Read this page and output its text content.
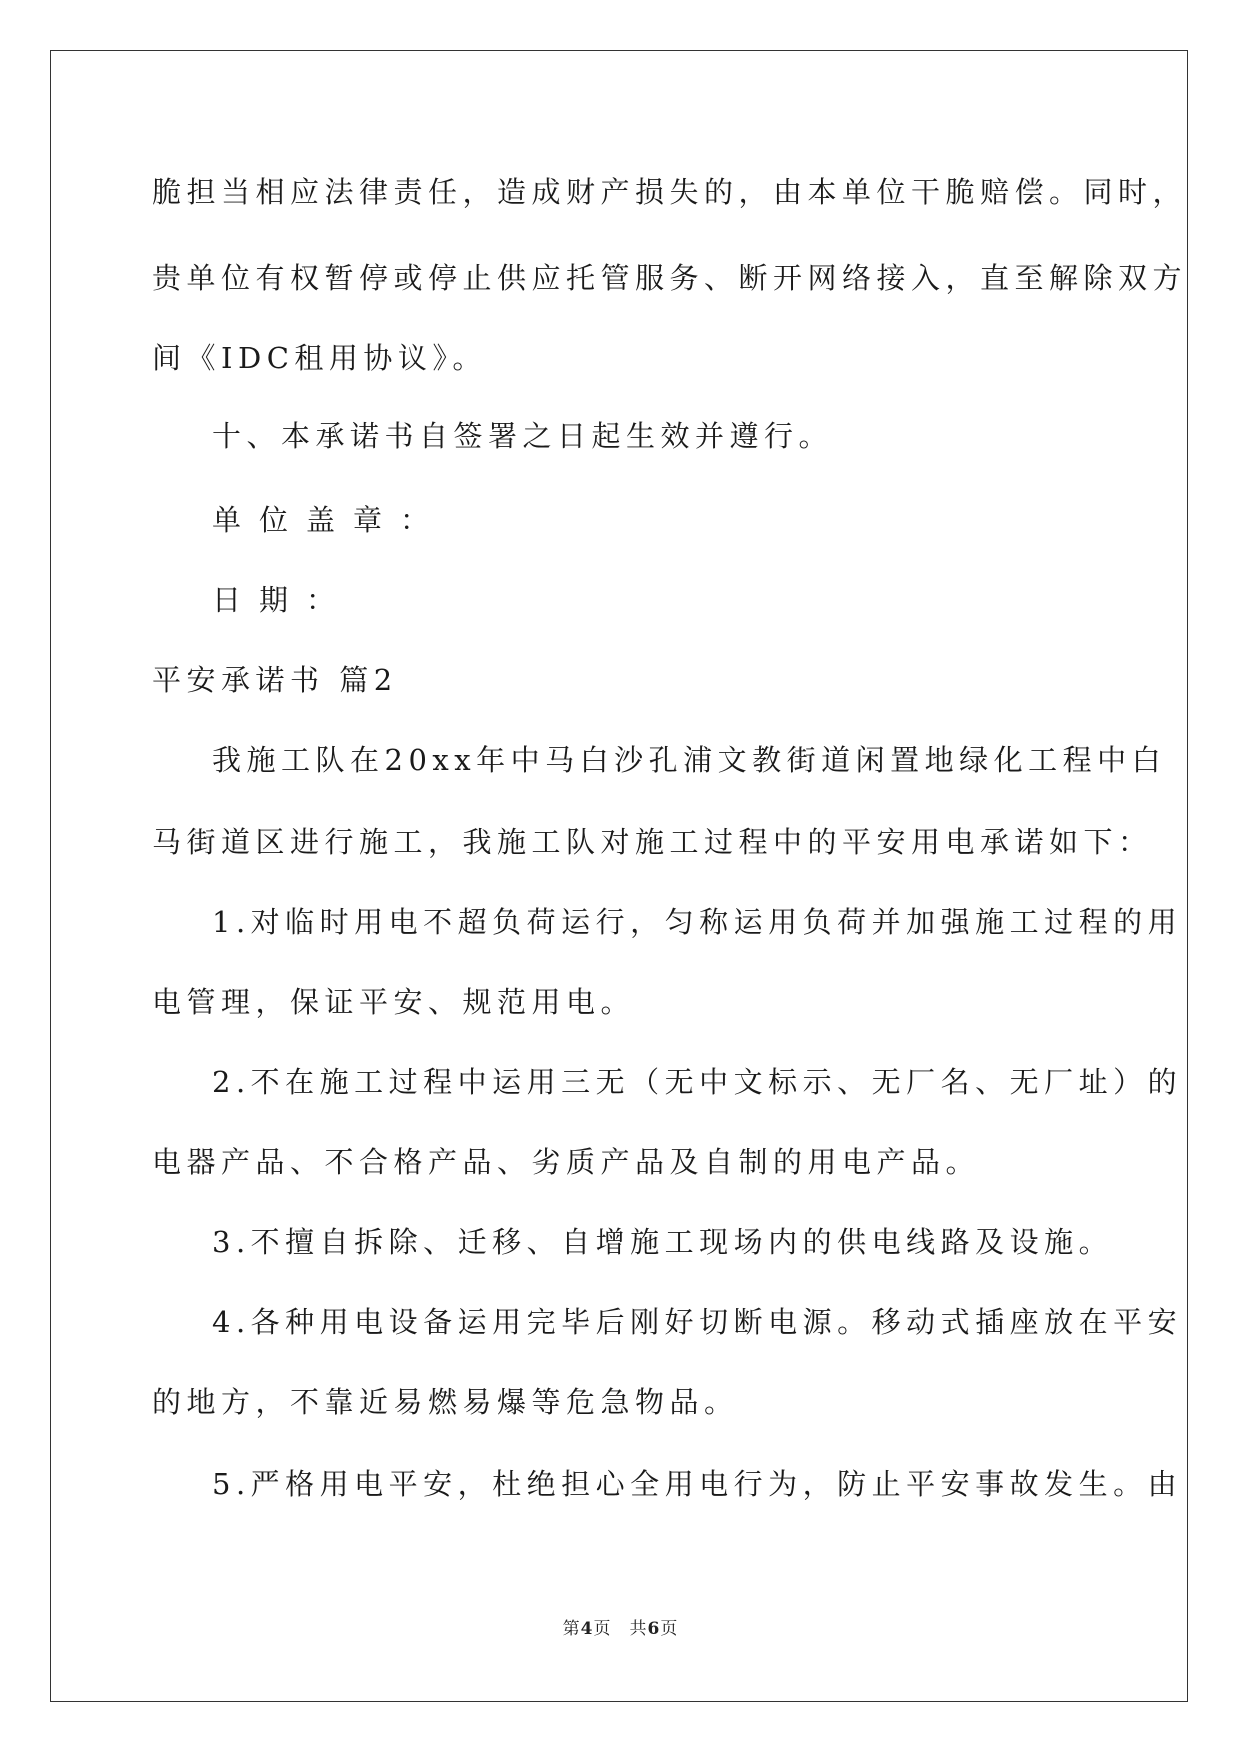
脆担当相应法律责任，造成财产损失的，由本单位干脆赔偿。同时，
贵单位有权暂停或停止供应托管服务、断开网络接入，直至解除双方
间《IDC租用协议》。
十、本承诺书自签署之日起生效并遵行。
单位盖章：
日期：
平安承诺书 篇2
我施工队在20xx年中马白沙孔浦文教街道闲置地绿化工程中白
马街道区进行施工，我施工队对施工过程中的平安用电承诺如下：
1.对临时用电不超负荷运行，匀称运用负荷并加强施工过程的用
电管理，保证平安、规范用电。
2.不在施工过程中运用三无（无中文标示、无厂名、无厂址）的
电器产品、不合格产品、劣质产品及自制的用电产品。
3.不擅自拆除、迁移、自增施工现场内的供电线路及设施。
4.各种用电设备运用完毕后刚好切断电源。移动式插座放在平安
的地方，不靠近易燃易爆等危急物品。
5.严格用电平安，杜绝担心全用电行为，防止平安事故发生。由
第4页　共6页
